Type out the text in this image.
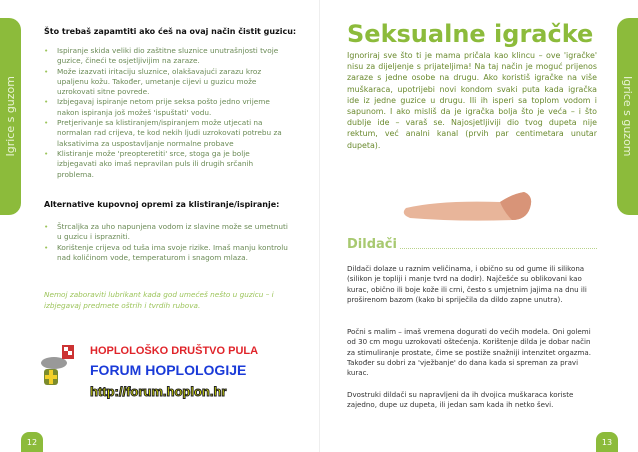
Igrice s guzom
Što trebaš zapamtiti ako ćeš na ovaj način čistit guzicu:
• Ispiranje skida veliki dio zaštitne sluznice unutrašnjosti tvoje guzice, čineći te osjetljivijim na zaraze.
• Može izazvati iritaciju sluznice, olakšavajući zarazu kroz upaljenu kožu. Također, umetanje cijevi u guzicu može uzrokovati sitne povrede.
• Izbjegavaj ispiranje netom prije seksa pošto jedno vrijeme nakon ispiranja još možeš 'ispuštati' vodu.
• Pretjerivanje sa klistiranjem/ispiranjem može utjecati na normalan rad crijeva, te kod nekih ljudi uzrokovati potrebu za laksativima za uspostavljanje normalne probave
• Klistiranje može 'preopteretiti' srce, stoga ga je bolje izbjegavati ako imaš nepravilan puls ili drugih srčanih problema.
Alternative kupovnoj opremi za klistiranje/ispiranje:
• Štrcaljka za uho napunjena vodom iz slavine može se umetnuti u guzicu i isprazniti.
• Korištenje crijeva od tuša ima svoje rizike. Imaš manju kontrolu nad količinom vode, temperaturom i snagom mlaza.
Nemoj zaboraviti lubrikant kada god umećeš nešto u guzicu – i izbjegavaj predmete oštrih i tvrdih rubova.
12
Igrice s guzom
Seksualne igračke
Ignoriraj sve što ti je mama pričala kao klincu – ove 'igračke' nisu za dijeljenje s prijateljima! Na taj način je moguć prijenos zaraze s jedne osobe na drugu. Ako koristiš igračke na više muškaraca, upotrijebi novi kondom svaki puta kada igračka ide iz jedne guzice u drugu. Ili ih isperi sa toplom vodom i sapunom. I ako misliš da je igračka bolja što je veća – i što dublje ide – varaš se. Najosjetljiviji dio tvog dupeta nije rektum, već analni kanal (prvih par centimetara unutar dupeta).
Dildači
Dildači dolaze u raznim veličinama, i obično su od gume ili silikona (silikon je topliji i manje tvrd na dodir). Najčešće su oblikovani kao kurac, obično ili boje kože ili crni, često s umjetnim jajima na dnu ili proširenom bazom (kako bi spriječila da dildo zapne unutra).
Počni s malim – imaš vremena dogurati do većih modela. Oni golemi od 30 cm mogu uzrokovati oštećenja. Korištenje dilda je dobar način za stimuliranje prostate, čime se postiže snažniji intenzitet orgazma. Također su dobri za 'vježbanje' do dana kada si spreman za pravi kurac.
Dvostruki dildači su napravljeni da ih dvojica muškaraca koriste zajedno, dupe uz dupeta, ili jedan sam kada ih netko ševi.
13
HOPLOLOŠKO DRUŠTVO PULA
FORUM HOPLOLOGIJE
http://forum.hoplon.hr
